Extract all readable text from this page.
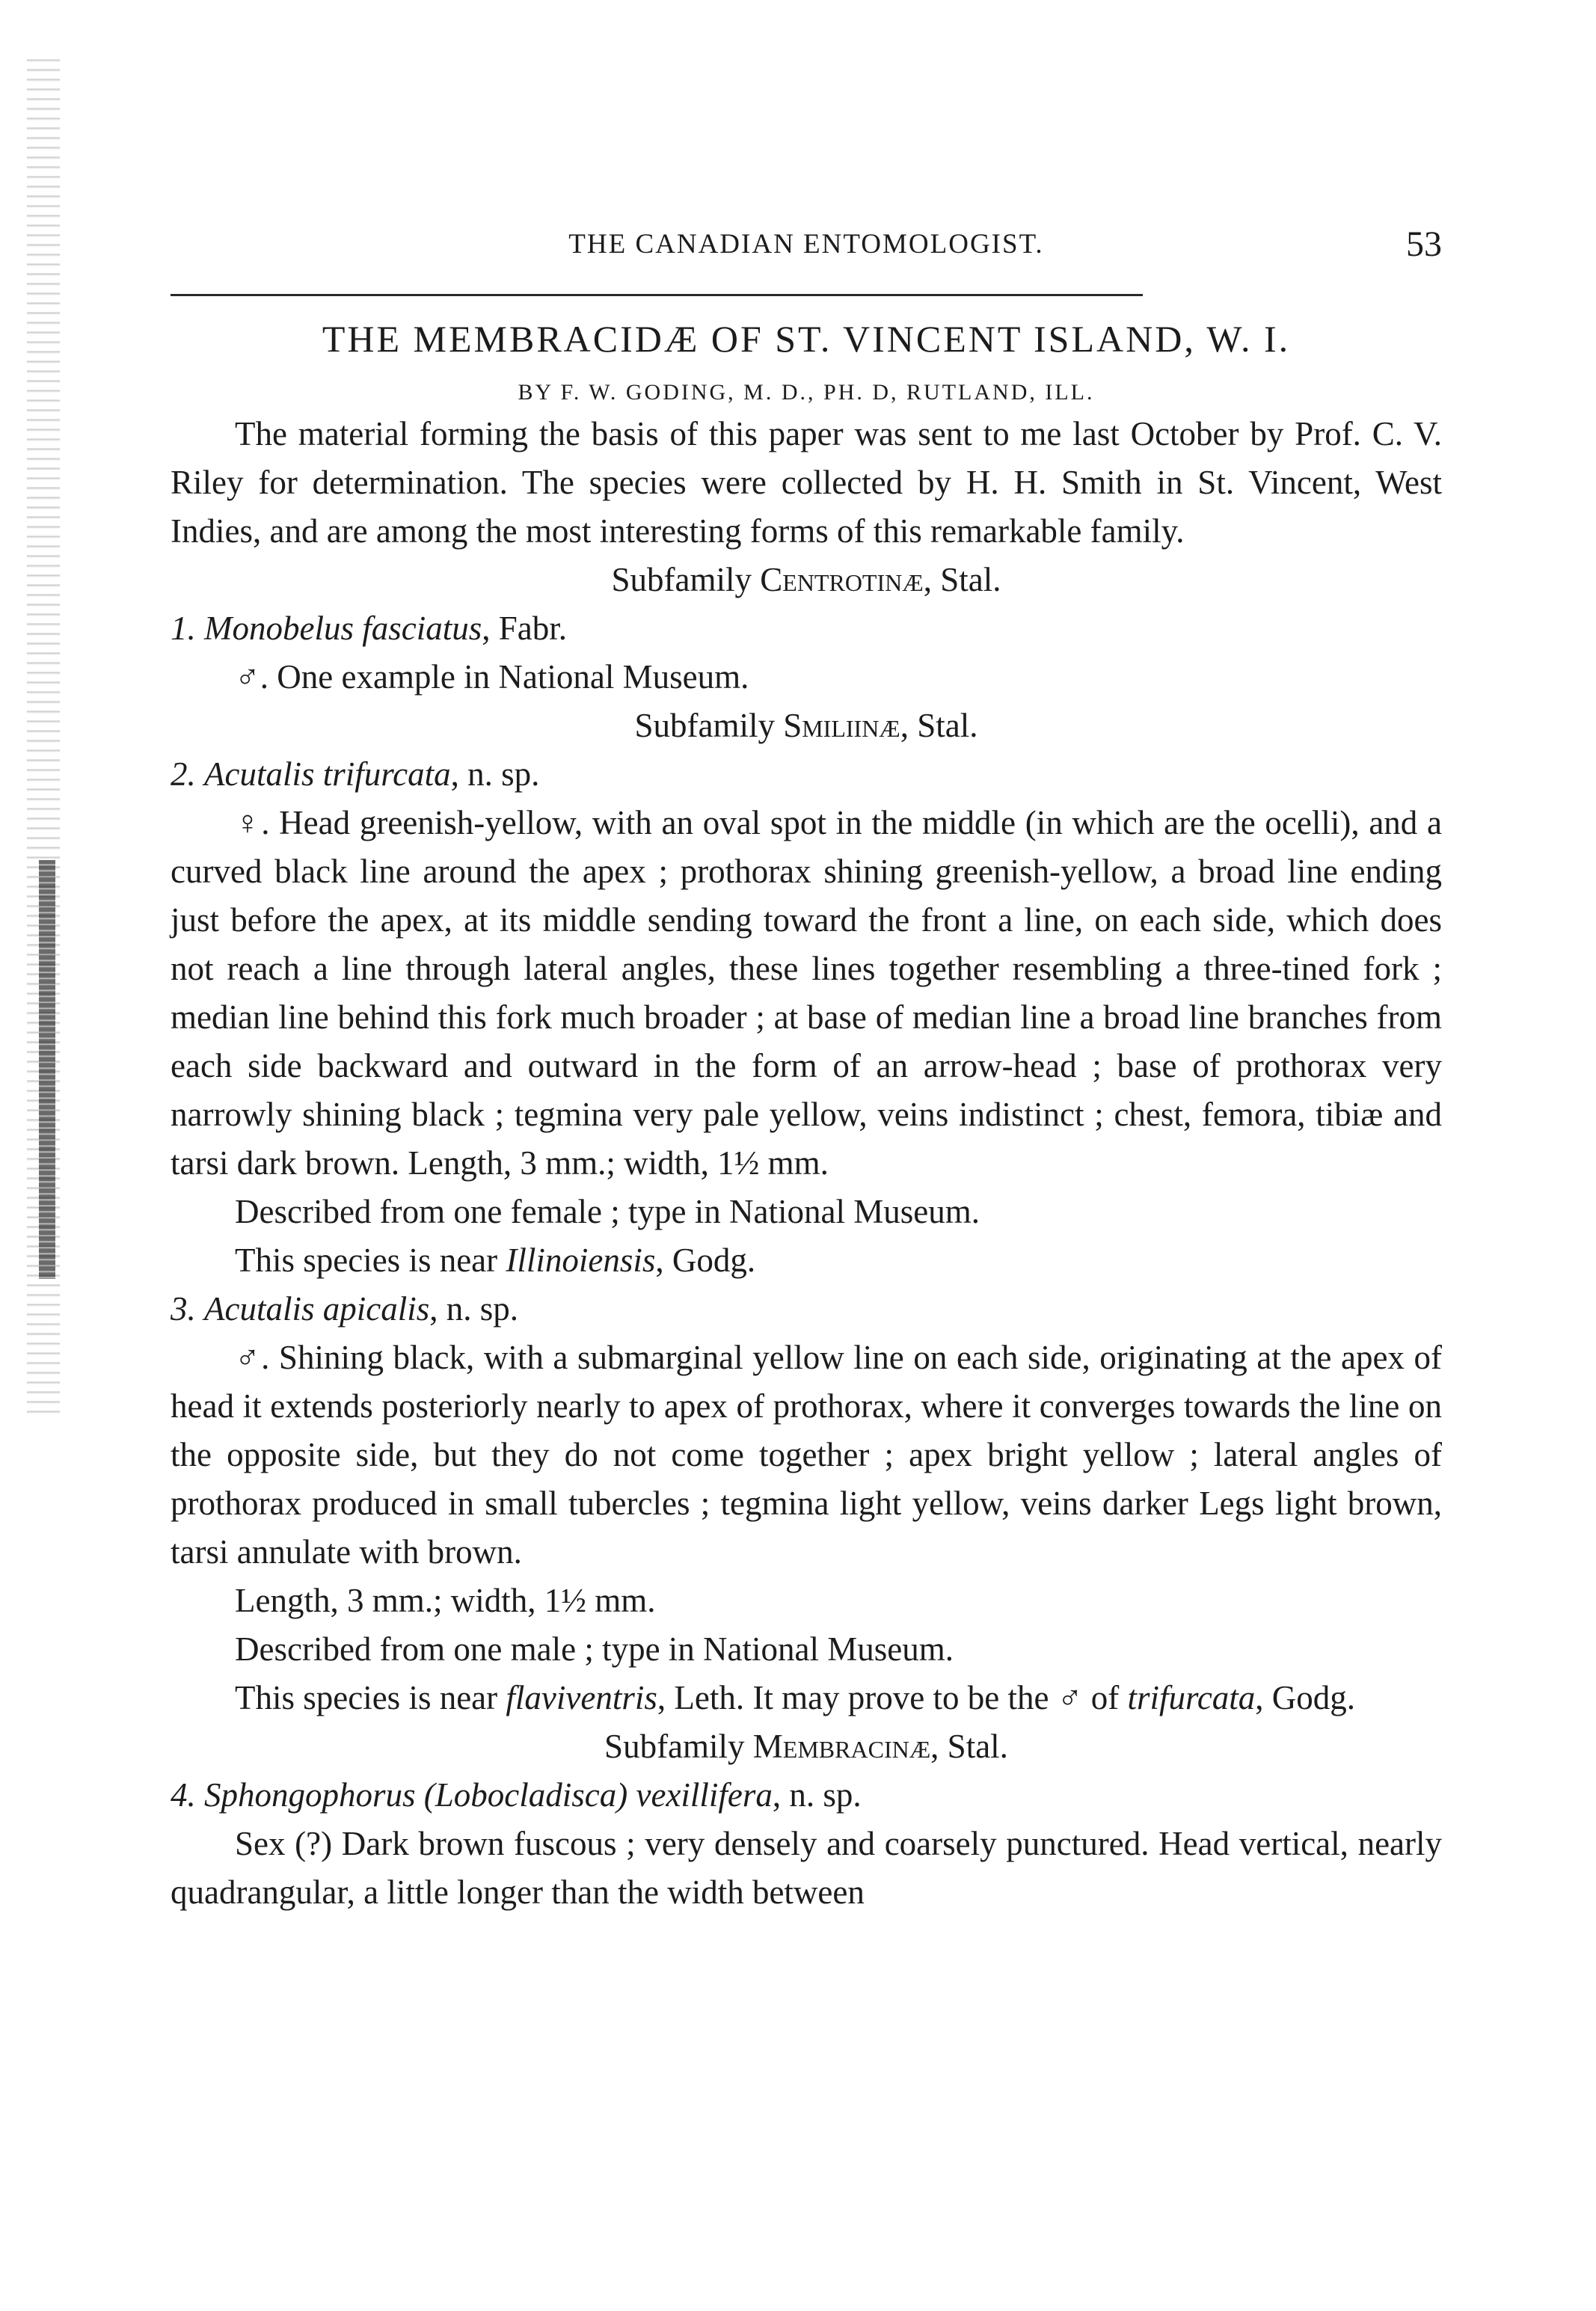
THE CANADIAN ENTOMOLOGIST.	53
THE MEMBRACIDÆ OF ST. VINCENT ISLAND, W. I.
BY F. W. GODING, M. D., PH. D, RUTLAND, ILL.

The material forming the basis of this paper was sent to me last October by Prof. C. V. Riley for determination. The species were collected by H. H. Smith in St. Vincent, West Indies, and are among the most interesting forms of this remarkable family.

Subfamily Centrotinæ, Stal.
1. Monobelus fasciatus, Fabr.

♂. One example in National Museum.

Subfamily Smiliinæ, Stal.
2. Acutalis trifurcata, n. sp.

♀. Head greenish-yellow, with an oval spot in the middle (in which are the ocelli), and a curved black line around the apex ; prothorax shining greenish-yellow, a broad line ending just before the apex, at its middle sending toward the front a line, on each side, which does not reach a line through lateral angles, these lines together resembling a three-tined fork ; median line behind this fork much broader ; at base of median line a broad line branches from each side backward and outward in the form of an arrow-head ; base of prothorax very narrowly shining black ; tegmina very pale yellow, veins indistinct ; chest, femora, tibiæ and tarsi dark brown. Length, 3 mm.; width, 1½ mm.

Described from one female ; type in National Museum.

This species is near Illinoiensis, Godg.

3. Acutalis apicalis, n. sp.

♂. Shining black, with a submarginal yellow line on each side, originating at the apex of head it extends posteriorly nearly to apex of prothorax, where it converges towards the line on the opposite side, but they do not come together ; apex bright yellow ; lateral angles of prothorax produced in small tubercles ; tegmina light yellow, veins darker Legs light brown, tarsi annulate with brown.

Length, 3 mm.; width, 1½ mm.

Described from one male ; type in National Museum.

This species is near flaviventris, Leth. It may prove to be the ♂ of trifurcata, Godg.

Subfamily Membracinæ, Stal.
4. Sphongophorus (Lobocladisca) vexillifera, n. sp.

Sex (?) Dark brown fuscous ; very densely and coarsely punctured. Head vertical, nearly quadrangular, a little longer than the width between
